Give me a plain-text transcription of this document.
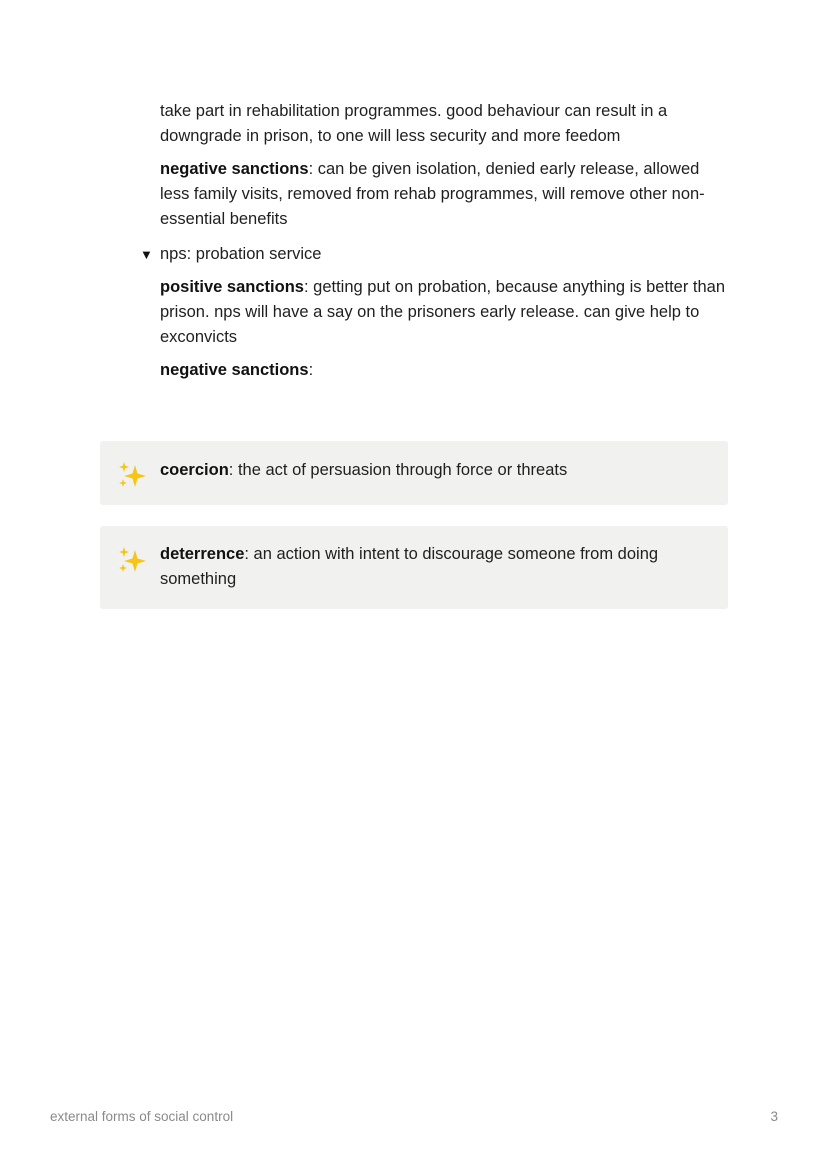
take part in rehabilitation programmes. good behaviour can result in a downgrade in prison, to one will less security and more feedom

negative sanctions: can be given isolation, denied early release, allowed less family visits, removed from rehab programmes, will remove other non-essential benefits

▼ nps: probation service

positive sanctions: getting put on probation, because anything is better than prison. nps will have a say on the prisoners early release. can give help to exconvicts

negative sanctions:

coercion: the act of persuasion through force or threats
deterrence: an action with intent to discourage someone from doing something
external forms of social control	3
